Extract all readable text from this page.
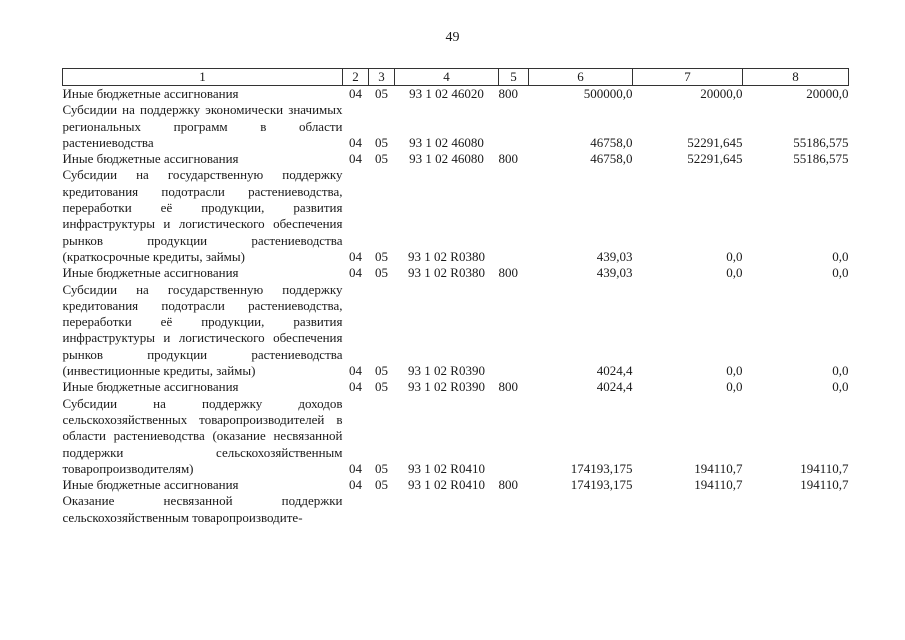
49
1	2	3	4	5	6	7	8
Иные бюджетные ассигнования	04	05	93 1 02 46020	800	500000,0	20000,0	20000,0
Субсидии на поддержку экономически значимых региональных программ в области растениеводства	04	05	93 1 02 46080		46758,0	52291,645	55186,575
Иные бюджетные ассигнования	04	05	93 1 02 46080	800	46758,0	52291,645	55186,575
Субсидии на государственную поддержку кредитования подотрасли растениеводства, переработки её продукции, развития инфраструктуры и логистического обеспечения рынков продукции растениеводства (краткосрочные кредиты, займы)	04	05	93 1 02 R0380		439,03	0,0	0,0
Иные бюджетные ассигнования	04	05	93 1 02 R0380	800	439,03	0,0	0,0
Субсидии на государственную поддержку кредитования подотрасли растениеводства, переработки её продукции, развития инфраструктуры и логистического обеспечения рынков продукции растениеводства (инвестиционные кредиты, займы)	04	05	93 1 02 R0390		4024,4	0,0	0,0
Иные бюджетные ассигнования	04	05	93 1 02 R0390	800	4024,4	0,0	0,0
Субсидии на поддержку доходов сельскохозяйственных товаропроизводителей в области растениеводства (оказание несвязанной поддержки сельскохозяйственным товаропроизводителям)	04	05	93 1 02 R0410		174193,175	194110,7	194110,7
Иные бюджетные ассигнования	04	05	93 1 02 R0410	800	174193,175	194110,7	194110,7
Оказание несвязанной поддержки сельскохозяйственным товаропроизводите-							
